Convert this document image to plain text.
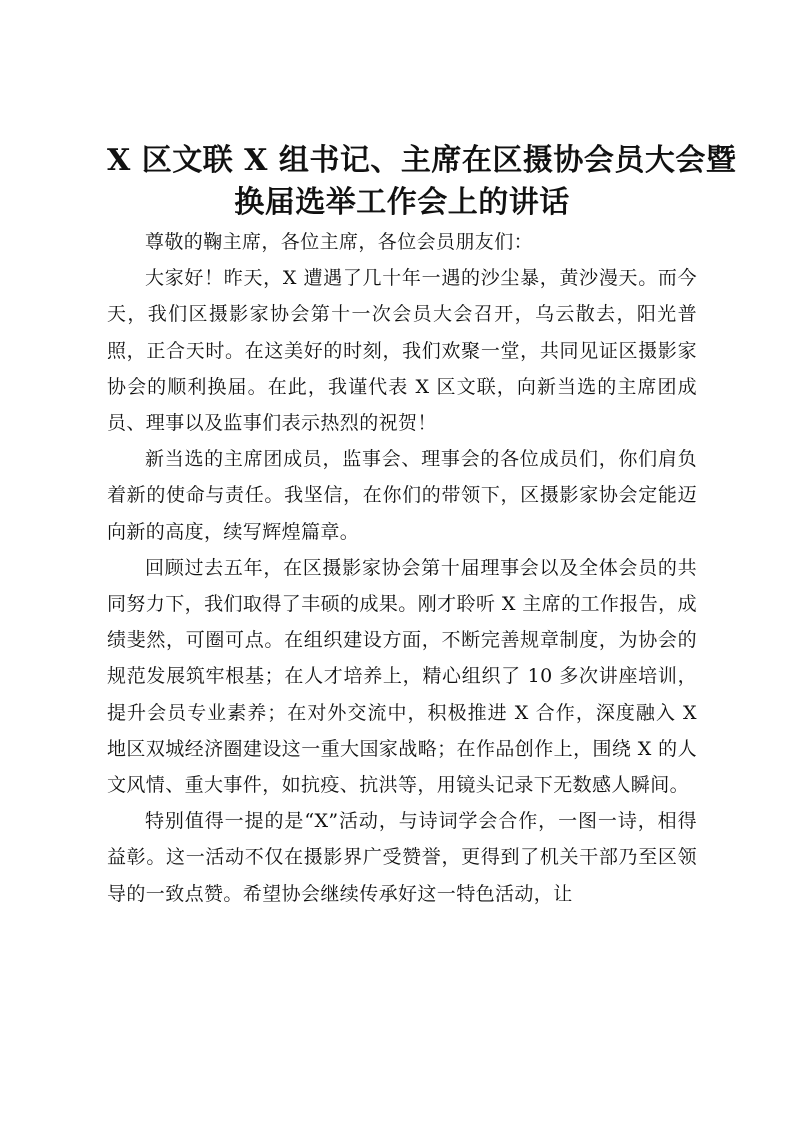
X 区文联 X 组书记、主席在区摄协会员大会暨
换届选举工作会上的讲话

尊敬的鞠主席，各位主席，各位会员朋友们：

大家好！昨天，X 遭遇了几十年一遇的沙尘暴，黄沙漫天。而今天，我们区摄影家协会第十一次会员大会召开，乌云散去，阳光普照，正合天时。在这美好的时刻，我们欢聚一堂，共同见证区摄影家协会的顺利换届。在此，我谨代表 X 区文联，向新当选的主席团成员、理事以及监事们表示热烈的祝贺！

新当选的主席团成员，监事会、理事会的各位成员们，你们肩负着新的使命与责任。我坚信，在你们的带领下，区摄影家协会定能迈向新的高度，续写辉煌篇章。

回顾过去五年，在区摄影家协会第十届理事会以及全体会员的共同努力下，我们取得了丰硕的成果。刚才聆听 X 主席的工作报告，成绩斐然，可圈可点。在组织建设方面，不断完善规章制度，为协会的规范发展筑牢根基；在人才培养上，精心组织了 10 多次讲座培训，提升会员专业素养；在对外交流中，积极推进 X 合作，深度融入 X 地区双城经济圈建设这一重大国家战略；在作品创作上，围绕 X 的人文风情、重大事件，如抗疫、抗洪等，用镜头记录下无数感人瞬间。

特别值得一提的是“X”活动，与诗词学会合作，一图一诗，相得益彰。这一活动不仅在摄影界广受赞誉，更得到了机关干部乃至区领导的一致点赞。希望协会继续传承好这一特色活动，让
